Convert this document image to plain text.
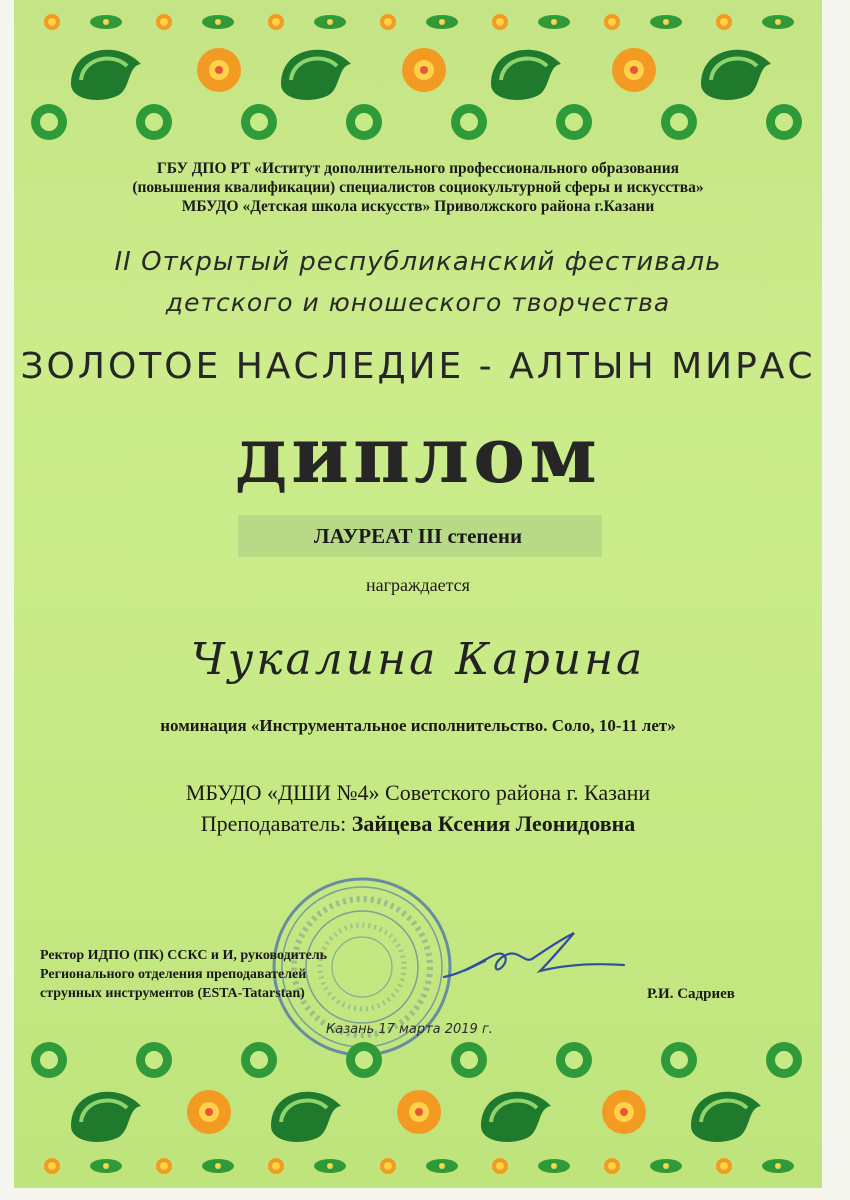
ГБУ ДПО РТ «Иститут дополнительного профессионального образования
(повышения квалификации) специалистов социокультурной сферы и искусства»
МБУДО «Детская школа искусств» Приволжского района г.Казани
II Открытый республиканский фестиваль
детского и юношеского творчества
ЗОЛОТОЕ НАСЛЕДИЕ - АЛТЫН МИРАС
диплом
ЛАУРЕАТ III степени
награждается
Чукалина Карина
номинация «Инструментальное исполнительство. Соло, 10-11 лет»
МБУДО «ДШИ №4» Советского района г. Казани
Преподаватель: Зайцева Ксения Леонидовна
Ректор ИДПО (ПК) ССКС и И, руководитель
Регионального отделения преподавателей
струнных инструментов (ESTA-Tatarstan)	Р.И. Садриев
Казань 17 марта 2019 г.
